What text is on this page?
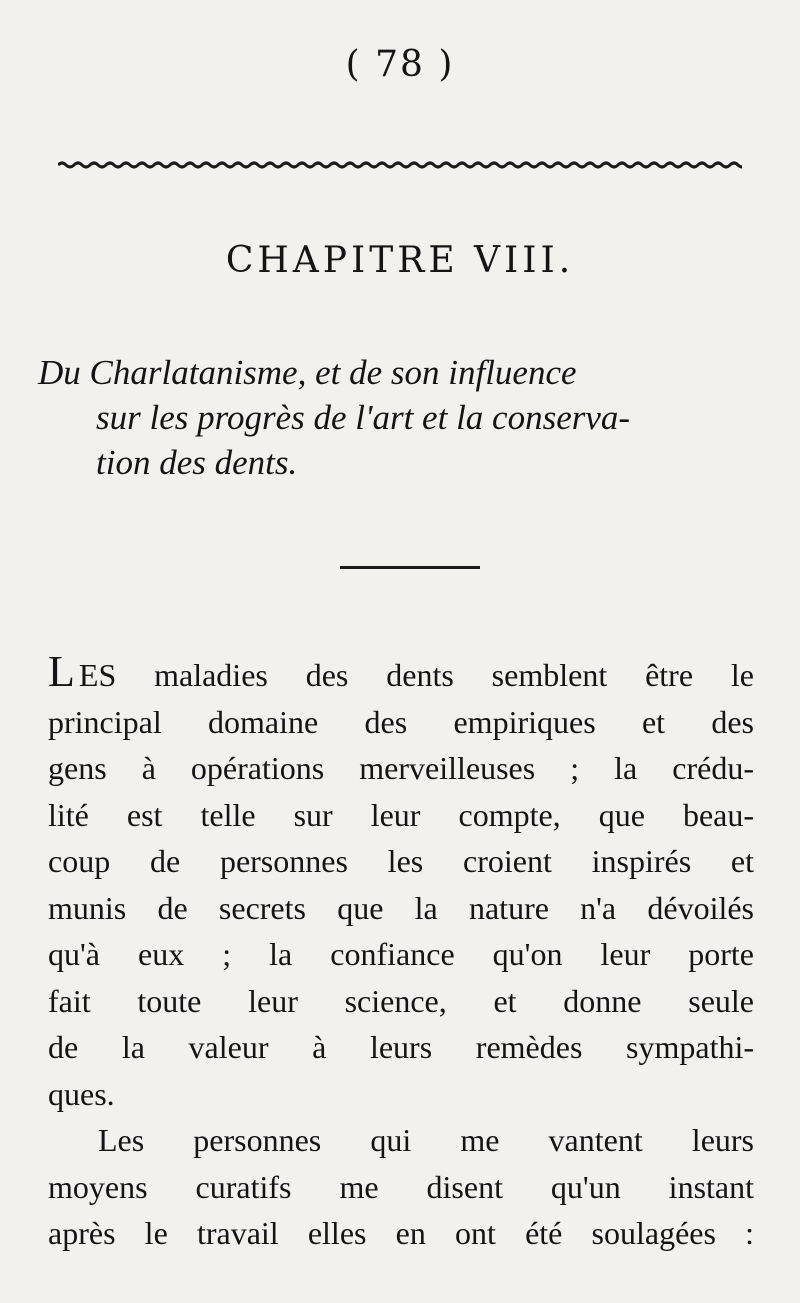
( 78 )
CHAPITRE VIII.
Du Charlatanisme, et de son influence
sur les progrès de l'art et la conserva-
tion des dents.
L ES maladies des dents semblent être le
principal domaine des empiriques et des
gens à opérations merveilleuses ; la crédu-
lité est telle sur leur compte, que beau-
coup de personnes les croient inspirés et
munis de secrets que la nature n'a dévoilés
qu'à eux ; la confiance qu'on leur porte
fait toute leur science, et donne seule
de la valeur à leurs remèdes sympathi-
ques.
Les personnes qui me vantent leurs
moyens curatifs me disent qu'un instant
après le travail elles en ont été soulagées :
